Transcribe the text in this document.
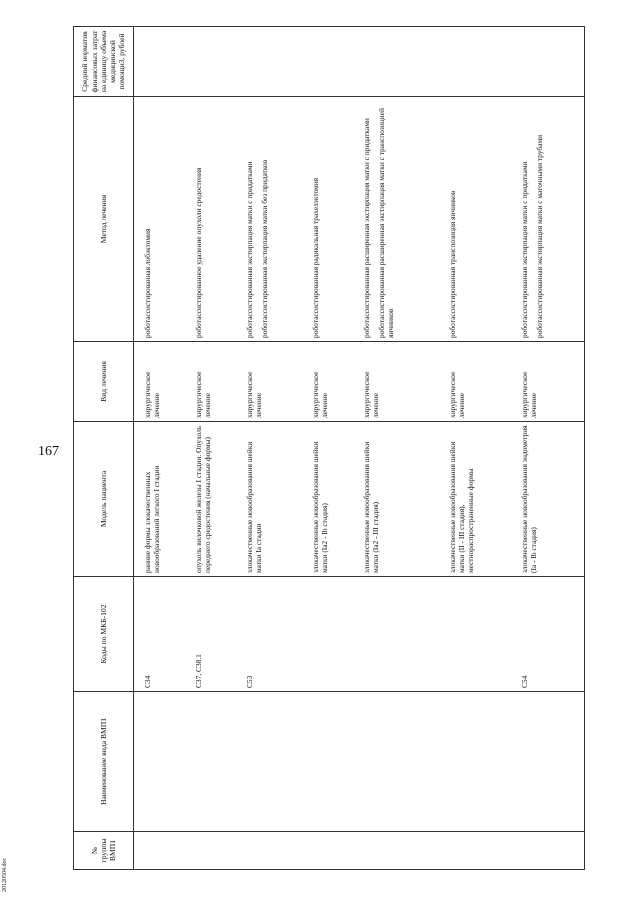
167
20120504.doc
№ группы ВМП1	Наименование вида ВМП1	Коды по МКБ-102	Модель пациента	Вид лечения	Метод лечения	Средний норматив финансовых затрат на единицу объема медицинской помощи3, рублей

		С34	ранние формы злокачественных новообразований легкого I стадии	хирургическое лечение	роботассистированная лобэктомия	

		С37, С38.1	опухоль вилочковой железы I стадии. Опухоль переднего средостения (начальные формы)	хирургическое лечение	роботассистированное удаление опухоли средостения	

		С53	злокачественные новообразования шейки матки Ia стадии	хирургическое лечение	роботассистированная экстирпация матки с придатками роботассистированная экстирпация матки без придатков	

			злокачественные новообразования шейки матки (Ia2 - Ib стадия)	хирургическое лечение	роботассистированная радикальная трахелэктомия	

			злокачественные новообразования шейки матки (Ia2 - III стадия)	хирургическое лечение	роботассистированная расширенная экстирпация матки с придатками роботассистированная расширенная экстирпация матки с транспозицией яичников	

			злокачественные новообразования шейки матки (II - III стадия), местнораспространенные формы	хирургическое лечение	роботассистированная транспозиция яичников	

		С54	злокачественные новообразования эндометрия (Ia - Ib стадия)	хирургическое лечение	роботассистированная экстирпация матки с придатками роботассистированная экстирпация матки с маточными трубами	
